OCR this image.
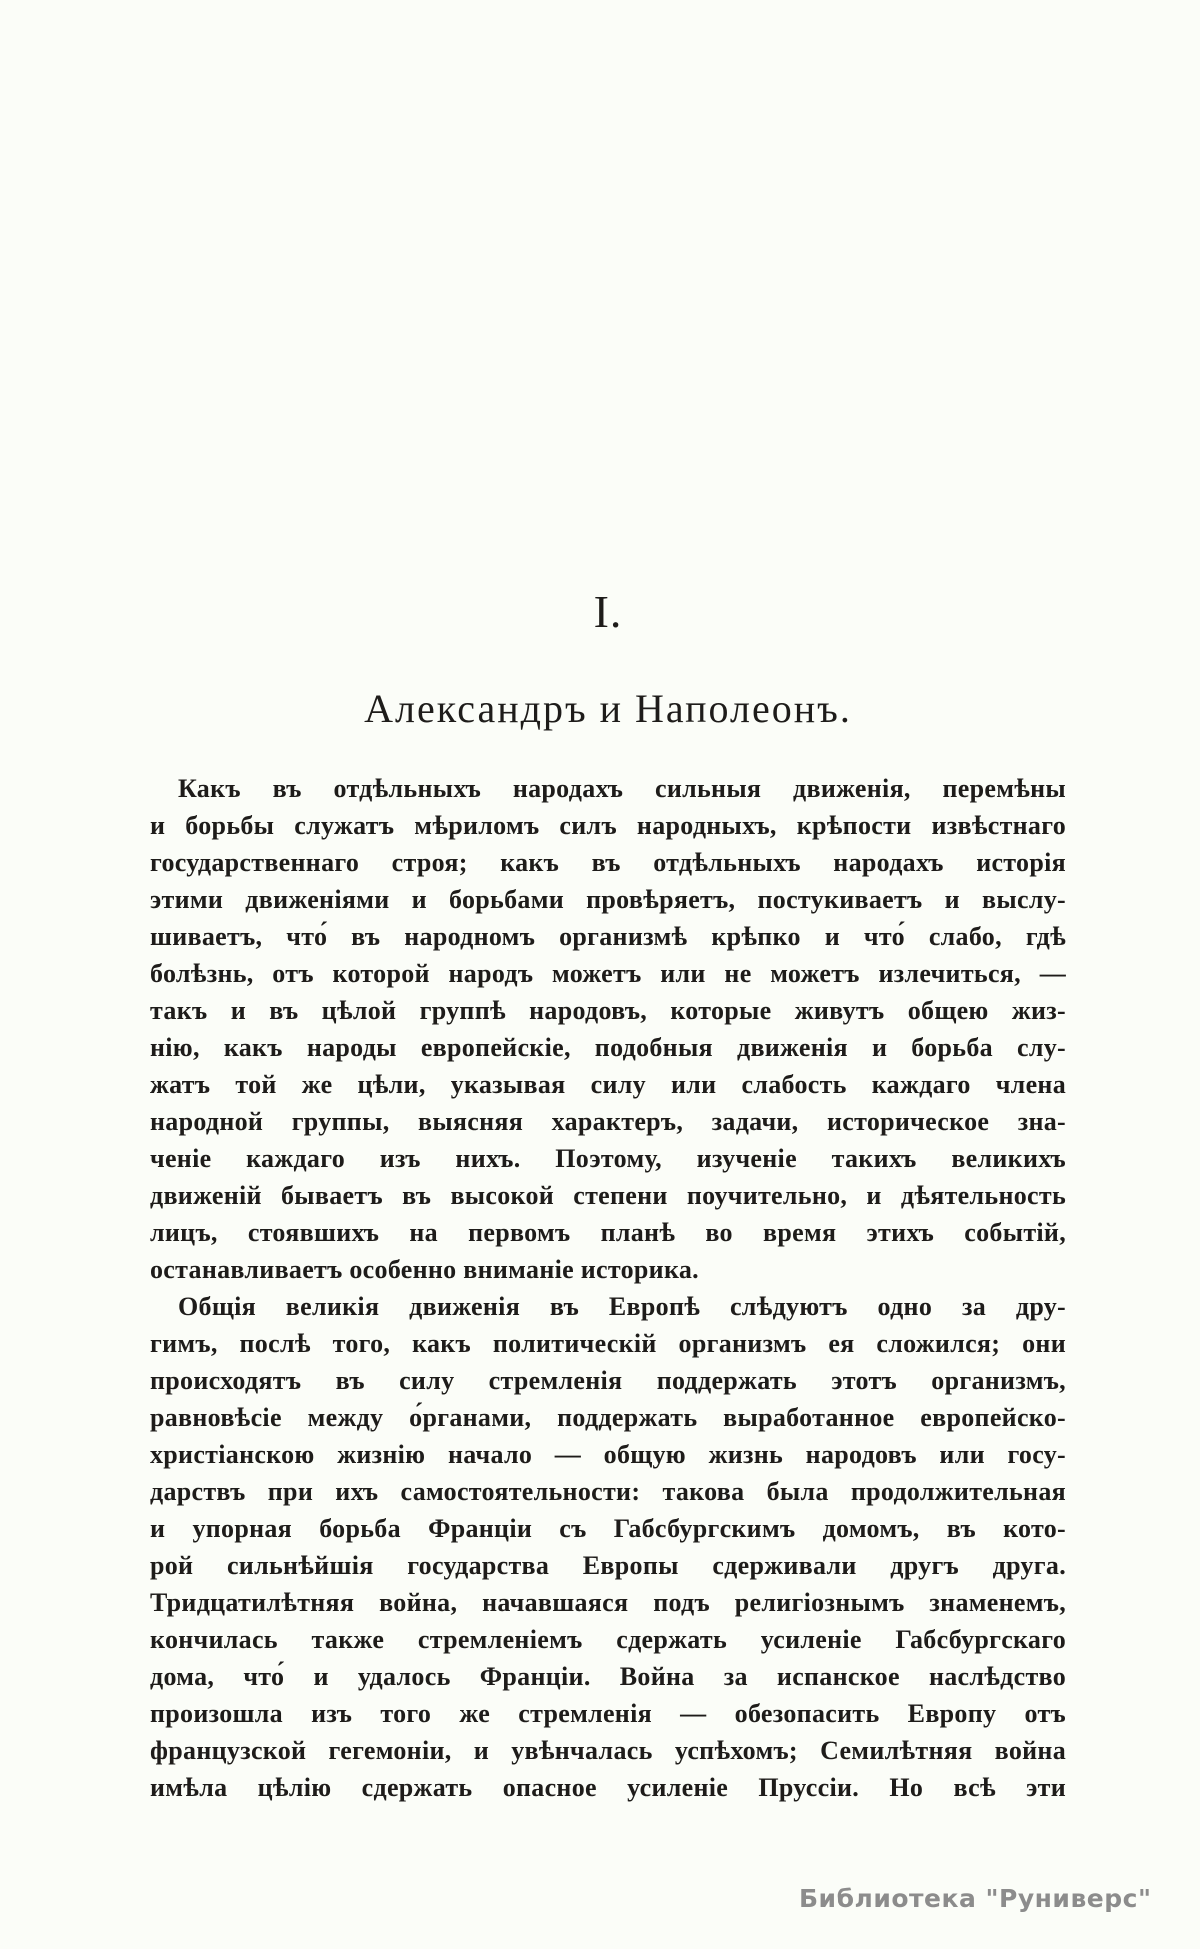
I.
Александръ и Наполеонъ.
Какъ въ отдѣльныхъ народахъ сильныя движенія, перемѣны
и борьбы служатъ мѣриломъ силъ народныхъ, крѣпости извѣстнаго
государственнаго строя; какъ въ отдѣльныхъ народахъ исторія
этими движеніями и борьбами провѣряетъ, постукиваетъ и выслу-
шиваетъ, что́ въ народномъ организмѣ крѣпко и что́ слабо, гдѣ
болѣзнь, отъ которой народъ можетъ или не можетъ излечиться, —
такъ и въ цѣлой группѣ народовъ, которые живутъ общею жиз-
нію, какъ народы европейскіе, подобныя движенія и борьба слу-
жатъ той же цѣли, указывая силу или слабость каждаго члена
народной группы, выясняя характеръ, задачи, историческое зна-
ченіе каждаго изъ нихъ. Поэтому, изученіе такихъ великихъ
движеній бываетъ въ высокой степени поучительно, и дѣятельность
лицъ, стоявшихъ на первомъ планѣ во время этихъ событій,
останавливаетъ особенно вниманіе историка.
Общія великія движенія въ Европѣ слѣдуютъ одно за дру-
гимъ, послѣ того, какъ политическій организмъ ея сложился; они
происходятъ въ силу стремленія поддержать этотъ организмъ,
равновѣсіе между о́рганами, поддержать выработанное европейско-
христіанскою жизнію начало — общую жизнь народовъ или госу-
дарствъ при ихъ самостоятельности: такова была продолжительная
и упорная борьба Франціи съ Габсбургскимъ домомъ, въ кото-
рой сильнѣйшія государства Европы сдерживали другъ друга.
Тридцатилѣтняя война, начавшаяся подъ религіознымъ знаменемъ,
кончилась также стремленіемъ сдержать усиленіе Габсбургскаго
дома, что́ и удалось Франціи. Война за испанское наслѣдство
произошла изъ того же стремленія — обезопасить Европу отъ
французской гегемоніи, и увѣнчалась успѣхомъ; Семилѣтняя война
имѣла цѣлію сдержать опасное усиленіе Пруссіи. Но всѣ эти
Библиотека "Руниверс"
